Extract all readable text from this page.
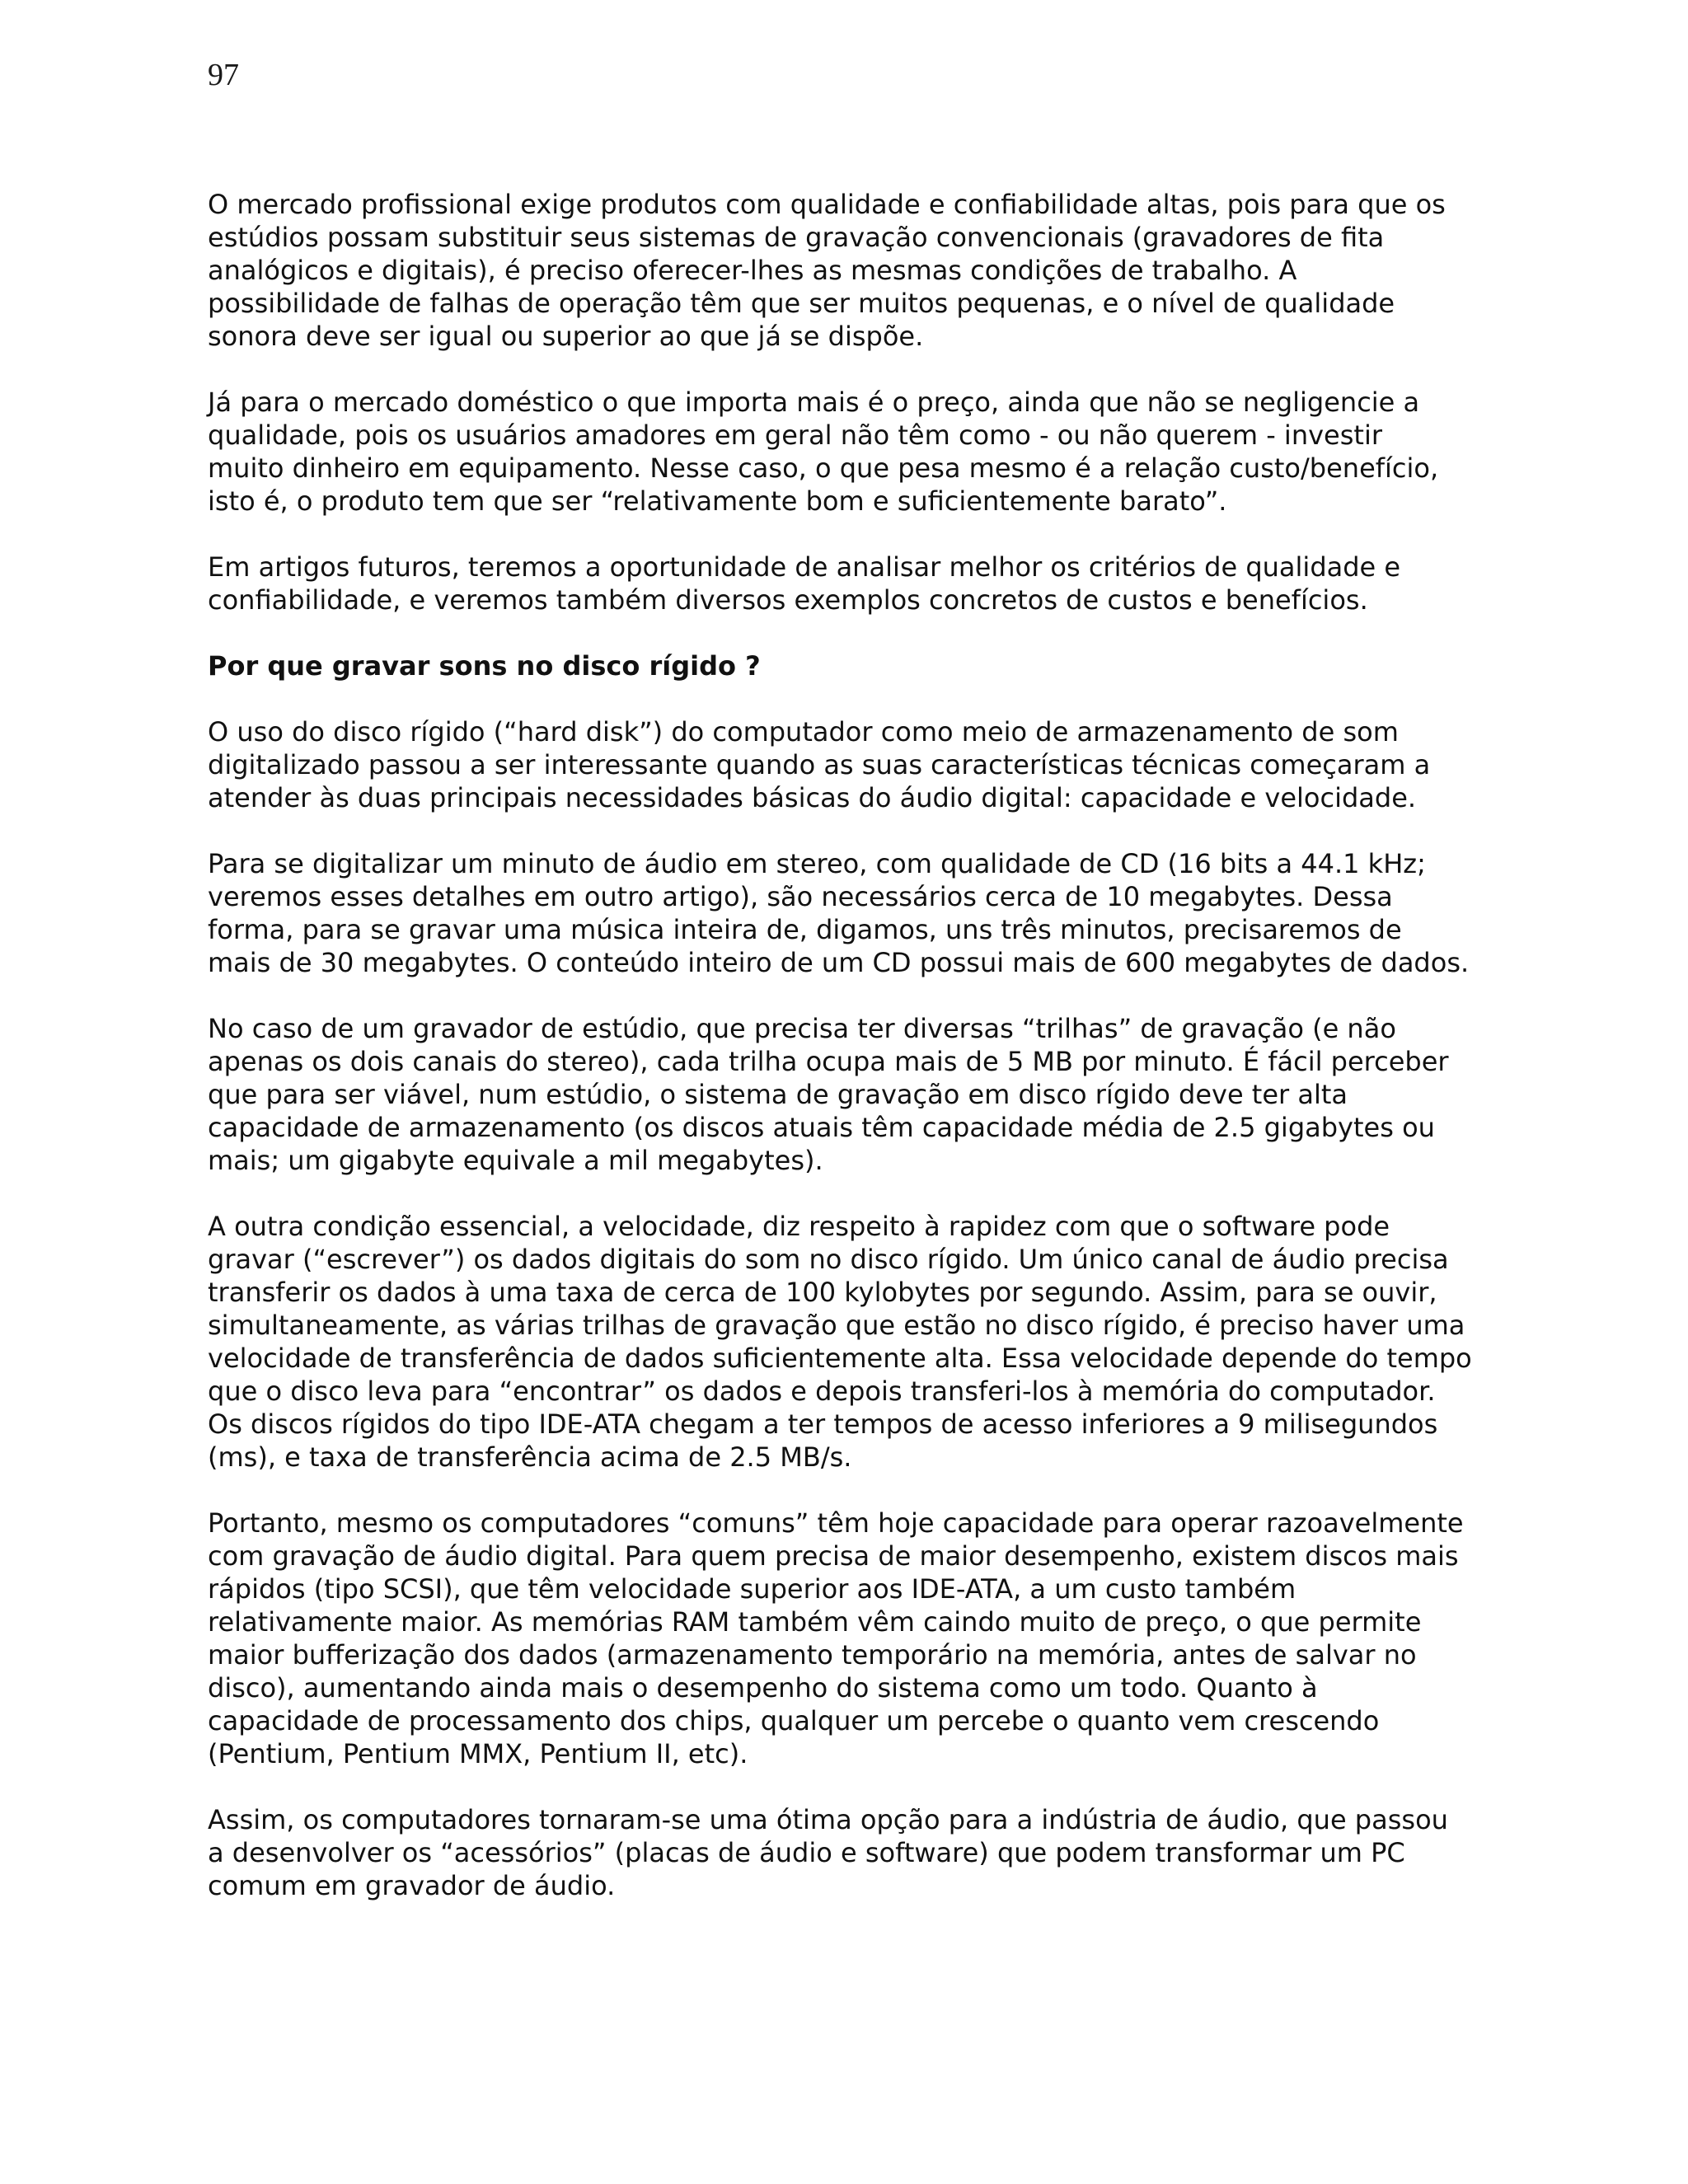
97

O mercado profissional exige produtos com qualidade e confiabilidade altas, pois para que os
estúdios possam substituir seus sistemas de gravação convencionais (gravadores de fita
analógicos e digitais), é preciso oferecer-lhes as mesmas condições de trabalho. A
possibilidade de falhas de operação têm que ser muitos pequenas, e o nível de qualidade
sonora deve ser igual ou superior ao que já se dispõe.

Já para o mercado doméstico o que importa mais é o preço, ainda que não se negligencie a
qualidade, pois os usuários amadores em geral não têm como - ou não querem - investir
muito dinheiro em equipamento. Nesse caso, o que pesa mesmo é a relação custo/benefício,
isto é, o produto tem que ser “relativamente bom e suficientemente barato”.

Em artigos futuros, teremos a oportunidade de analisar melhor os critérios de qualidade e
confiabilidade, e veremos também diversos exemplos concretos de custos e benefícios.

Por que gravar sons no disco rígido ?

O uso do disco rígido (“hard disk”) do computador como meio de armazenamento de som
digitalizado passou a ser interessante quando as suas características técnicas começaram a
atender às duas principais necessidades básicas do áudio digital: capacidade e velocidade.

Para se digitalizar um minuto de áudio em stereo, com qualidade de CD (16 bits a 44.1 kHz;
veremos esses detalhes em outro artigo), são necessários cerca de 10 megabytes. Dessa
forma, para se gravar uma música inteira de, digamos, uns três minutos, precisaremos de
mais de 30 megabytes. O conteúdo inteiro de um CD possui mais de 600 megabytes de dados.

No caso de um gravador de estúdio, que precisa ter diversas “trilhas” de gravação (e não
apenas os dois canais do stereo), cada trilha ocupa mais de 5 MB por minuto. É fácil perceber
que para ser viável, num estúdio, o sistema de gravação em disco rígido deve ter alta
capacidade de armazenamento (os discos atuais têm capacidade média de 2.5 gigabytes ou
mais; um gigabyte equivale a mil megabytes).

A outra condição essencial, a velocidade, diz respeito à rapidez com que o software pode
gravar (“escrever”) os dados digitais do som no disco rígido. Um único canal de áudio precisa
transferir os dados à uma taxa de cerca de 100 kylobytes por segundo. Assim, para se ouvir,
simultaneamente, as várias trilhas de gravação que estão no disco rígido, é preciso haver uma
velocidade de transferência de dados suficientemente alta. Essa velocidade depende do tempo
que o disco leva para “encontrar” os dados e depois transferi-los à memória do computador.
Os discos rígidos do tipo IDE-ATA chegam a ter tempos de acesso inferiores a 9 milisegundos
(ms), e taxa de transferência acima de 2.5 MB/s.

Portanto, mesmo os computadores “comuns” têm hoje capacidade para operar razoavelmente
com gravação de áudio digital. Para quem precisa de maior desempenho, existem discos mais
rápidos (tipo SCSI), que têm velocidade superior aos IDE-ATA, a um custo também
relativamente maior. As memórias RAM também vêm caindo muito de preço, o que permite
maior bufferização dos dados (armazenamento temporário na memória, antes de salvar no
disco), aumentando ainda mais o desempenho do sistema como um todo. Quanto à
capacidade de processamento dos chips, qualquer um percebe o quanto vem crescendo
(Pentium, Pentium MMX, Pentium II, etc).

Assim, os computadores tornaram-se uma ótima opção para a indústria de áudio, que passou
a desenvolver os “acessórios” (placas de áudio e software) que podem transformar um PC
comum em gravador de áudio.
